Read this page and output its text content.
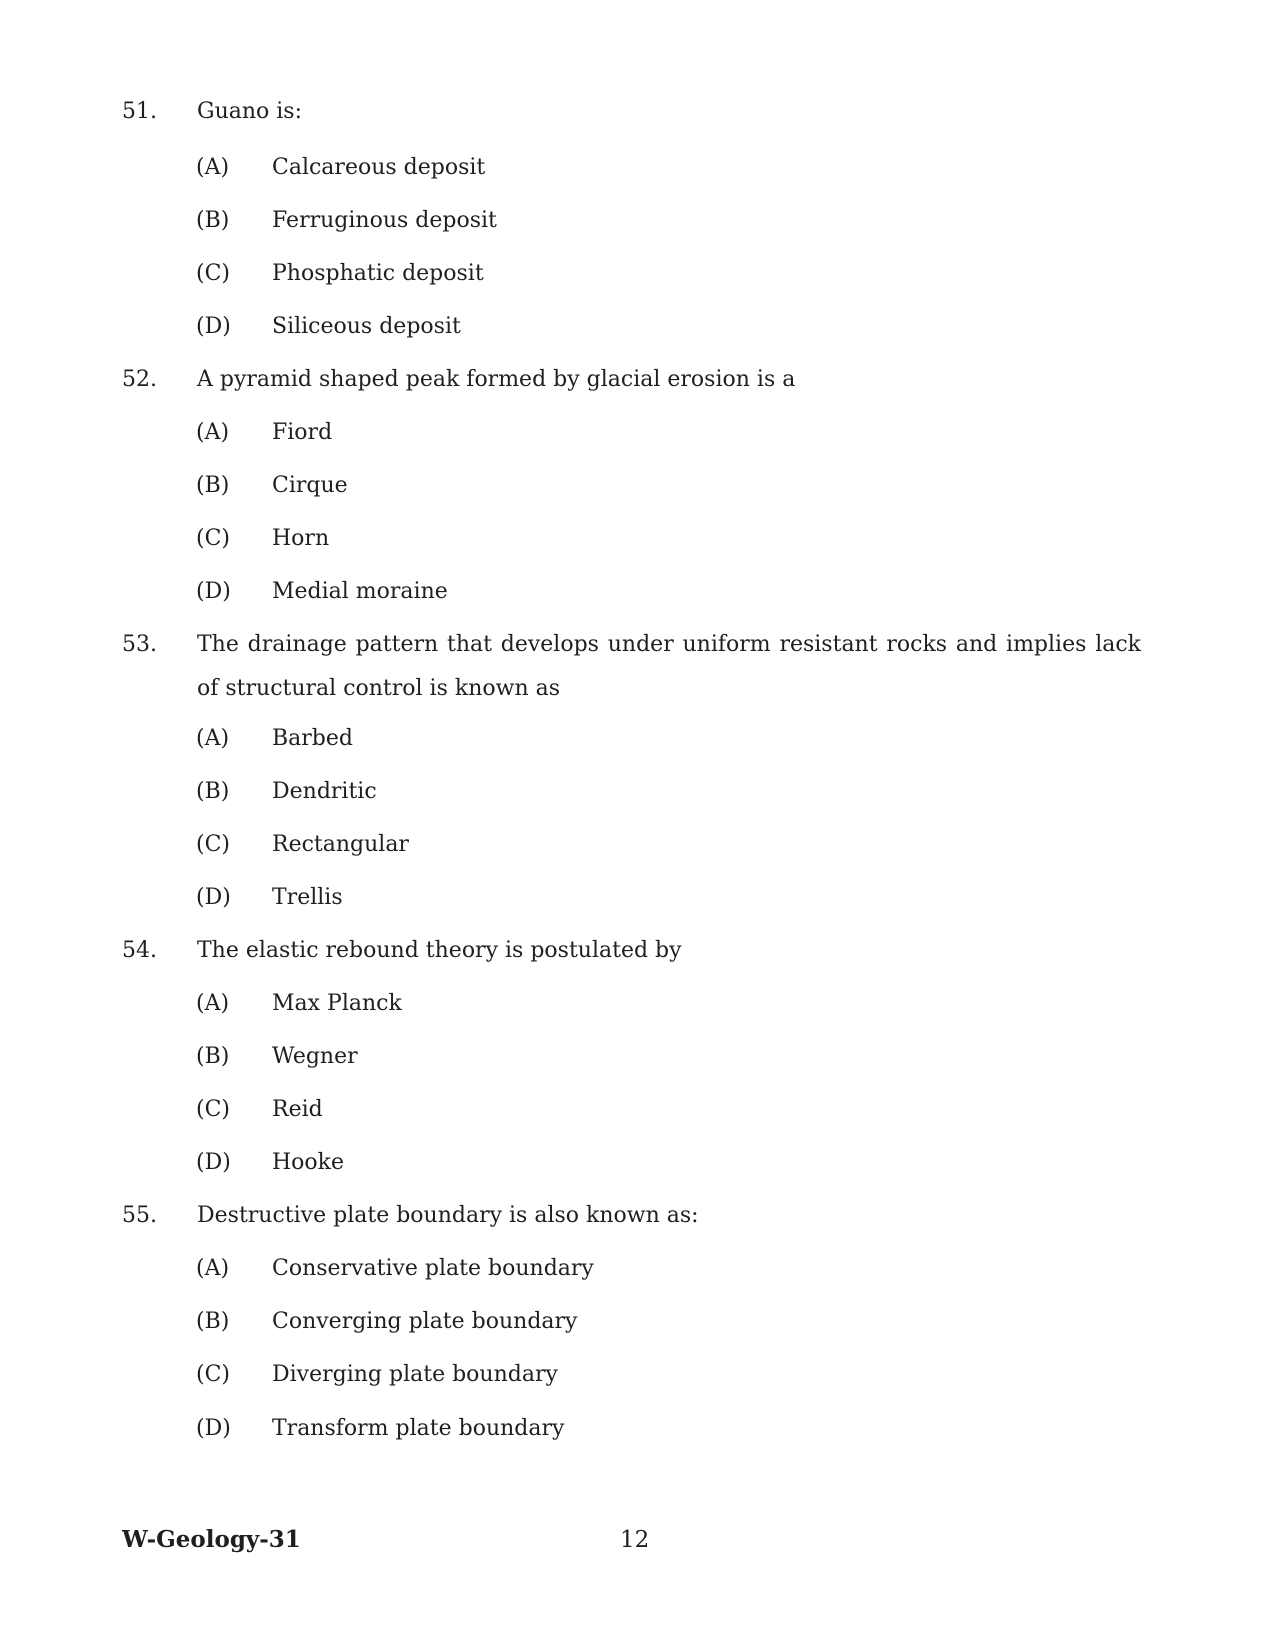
51. Guano is:
(A) Calcareous deposit
(B) Ferruginous deposit
(C) Phosphatic deposit
(D) Siliceous deposit
52. A pyramid shaped peak formed by glacial erosion is a
(A) Fiord
(B) Cirque
(C) Horn
(D) Medial moraine
53. The drainage pattern that develops under uniform resistant rocks and implies lack of structural control is known as
(A) Barbed
(B) Dendritic
(C) Rectangular
(D) Trellis
54. The elastic rebound theory is postulated by
(A) Max Planck
(B) Wegner
(C) Reid
(D) Hooke
55. Destructive plate boundary is also known as:
(A) Conservative plate boundary
(B) Converging plate boundary
(C) Diverging plate boundary
(D) Transform plate boundary
W-Geology-31	12
